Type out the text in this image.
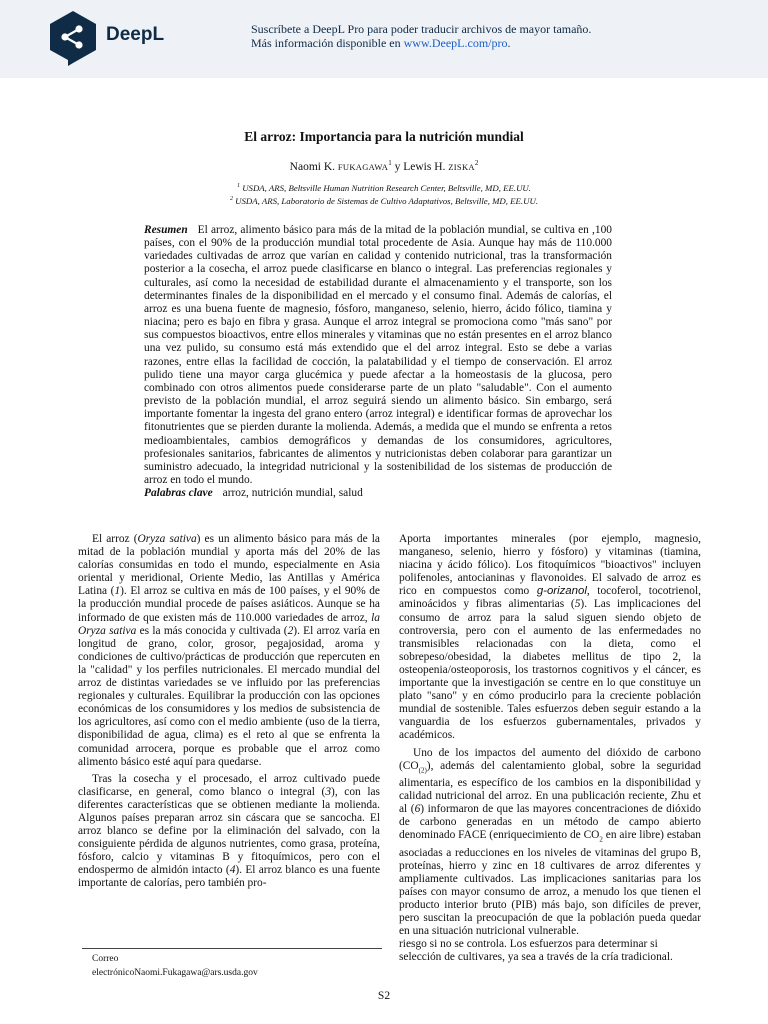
DeepL	Suscríbete a DeepL Pro para poder traducir archivos de mayor tamaño.
Más información disponible en www.DeepL.com/pro.
El arroz: Importancia para la nutrición mundial
Naomi K. FUKAGAWA$^1$ y Lewis H. ZISKA$^2$
$^1$ USDA, ARS, Beltsville Human Nutrition Research Center, Beltsville, MD, EE.UU.
$^2$ USDA, ARS, Laboratorio de Sistemas de Cultivo Adaptativos, Beltsville, MD, EE.UU.

Resumen El arroz, alimento básico para más de la mitad de la población mundial, se cultiva en ,100 países, con el 90% de la producción mundial total procedente de Asia. Aunque hay más de 110.000 variedades cultivadas de arroz que varían en calidad y contenido nutricional, tras la transformación posterior a la cosecha, el arroz puede clasificarse en blanco o integral. Las preferencias regionales y culturales, así como la necesidad de estabilidad durante el almacenamiento y el transporte, son los determinantes finales de la disponibilidad en el mercado y el consumo final. Además de calorías, el arroz es una buena fuente de magnesio, fósforo, manganeso, selenio, hierro, ácido fólico, tiamina y niacina; pero es bajo en fibra y grasa. Aunque el arroz integral se promociona como "más sano" por sus compuestos bioactivos, entre ellos minerales y vitaminas que no están presentes en el arroz blanco una vez pulido, su consumo está más extendido que el del arroz integral. Esto se debe a varias razones, entre ellas la facilidad de cocción, la palatabilidad y el tiempo de conservación. El arroz pulido tiene una mayor carga glucémica y puede afectar a la homeostasis de la glucosa, pero combinado con otros alimentos puede considerarse parte de un plato "saludable". Con el aumento previsto de la población mundial, el arroz seguirá siendo un alimento básico. Sin embargo, será importante fomentar la ingesta del grano entero (arroz integral) e identificar formas de aprovechar los fitonutrientes que se pierden durante la molienda. Además, a medida que el mundo se enfrenta a retos medioambientales, cambios demográficos y demandas de los consumidores, agricultores, profesionales sanitarios, fabricantes de alimentos y nutricionistas deben colaborar para garantizar un suministro adecuado, la integridad nutricional y la sostenibilidad de los sistemas de producción de arroz en todo el mundo.

Palabras clave arroz, nutrición mundial, salud

El arroz (Oryza sativa) es un alimento básico para más de la mitad de la población mundial y aporta más del 20% de las calorías consumidas en todo el mundo, especialmente en Asia oriental y meridional, Oriente Medio, las Antillas y América Latina (1). El arroz se cultiva en más de 100 países, y el 90% de la producción mundial procede de países asiáticos. Aunque se ha informado de que existen más de 110.000 variedades de arroz, la Oryza sativa es la más conocida y cultivada (2). El arroz varía en longitud de grano, color, grosor, pegajosidad, aroma y condiciones de cultivo/prácticas de producción que repercuten en la "calidad" y los perfiles nutricionales. El mercado mundial del arroz de distintas variedades se ve influido por las preferencias regionales y culturales. Equilibrar la producción con las opciones económicas de los consumidores y los medios de subsistencia de los agricultores, así como con el medio ambiente (uso de la tierra, disponibilidad de agua, clima) es el reto al que se enfrenta la comunidad arrocera, porque es probable que el arroz como alimento básico esté aquí para quedarse.

Tras la cosecha y el procesado, el arroz cultivado puede clasificarse, en general, como blanco o integral (3), con las diferentes características que se obtienen mediante la molienda. Algunos países preparan arroz sin cáscara que se sancocha. El arroz blanco se define por la eliminación del salvado, con la consiguiente pérdida de algunos nutrientes, como grasa, proteína, fósforo, calcio y vitaminas B y fitoquímicos, pero con el endospermo de almidón intacto (4). El arroz blanco es una fuente importante de calorías, pero también pro-

Aporta importantes minerales (por ejemplo, magnesio, manganeso, selenio, hierro y fósforo) y vitaminas (tiamina, niacina y ácido fólico). Los fitoquímicos "bioactivos" incluyen polifenoles, antocianinas y flavonoides. El salvado de arroz es rico en compuestos como g-orizanol, tocoferol, tocotrienol, aminoácidos y fibras alimentarias (5). Las implicaciones del consumo de arroz para la salud siguen siendo objeto de controversia, pero con el aumento de las enfermedades no transmisibles relacionadas con la dieta, como el sobrepeso/obesidad, la diabetes mellitus de tipo 2, la osteopenia/osteoporosis, los trastornos cognitivos y el cáncer, es importante que la investigación se centre en lo que constituye un plato "sano" y en cómo producirlo para la creciente población mundial de sostenible. Tales esfuerzos deben seguir estando a la vanguardia de los esfuerzos gubernamentales, privados y académicos.

Uno de los impactos del aumento del dióxido de carbono $(CO_{(2)})$, además del calentamiento global, sobre la seguridad alimentaria, es específico de los cambios en la disponibilidad y calidad nutricional del arroz. En una publicación reciente, Zhu et al (6) informaron de que las mayores concentraciones de dióxido de carbono generadas en un método de campo abierto denominado FACE (enriquecimiento de $CO_2$ en aire libre) estaban asociadas a reducciones en los niveles de vitaminas del grupo B, proteínas, hierro y zinc en 18 cultivares de arroz diferentes y ampliamente cultivados. Las implicaciones sanitarias para los países con mayor consumo de arroz, a menudo los que tienen el producto interior bruto (PIB) más bajo, son difíciles de prever, pero suscitan la preocupación de que la población pueda quedar en una situación nutricional vulnerable.

riesgo si no se controla. Los esfuerzos para determinar si selección de cultivares, ya sea a través de la cría tradicional.

Correo
electrónicoNaomi.Fukagawa@ars.usda.gov
S2
